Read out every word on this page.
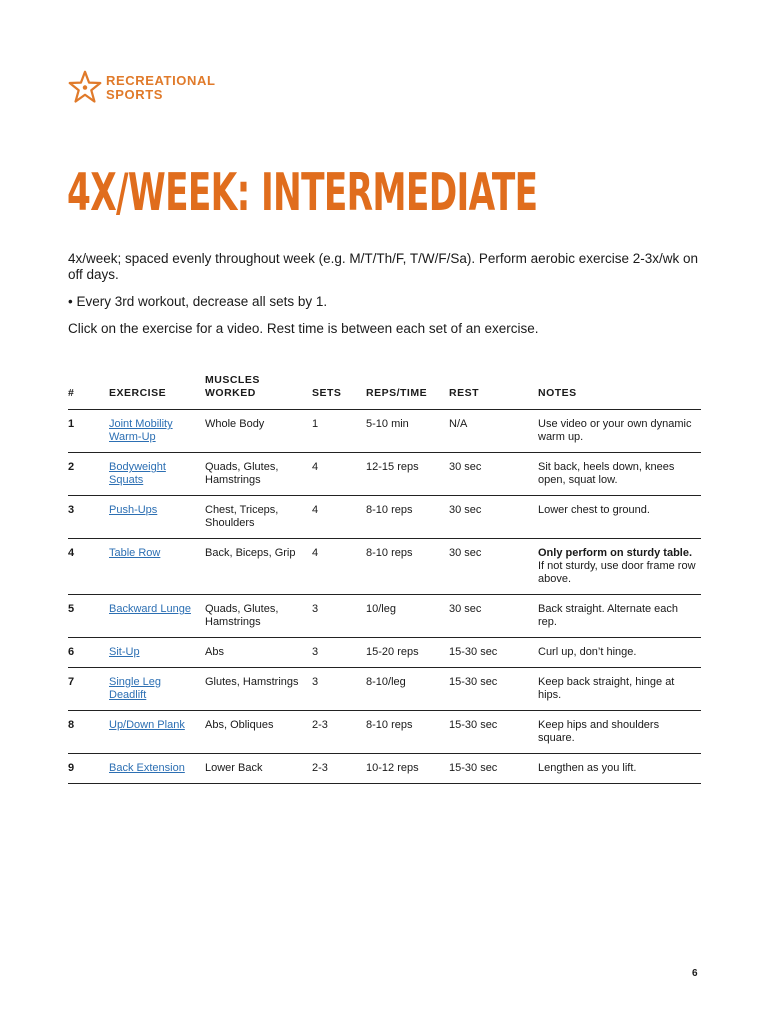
RECREATIONAL
SPORTS
4X/WEEK: INTERMEDIATE

4x/week; spaced evenly throughout week (e.g. M/T/Th/F, T/W/F/Sa). Perform aerobic exercise 2-3x/wk on off days.

• Every 3rd workout, decrease all sets by 1.

Click on the exercise for a video. Rest time is between each set of an exercise.

#	EXERCISE	MUSCLES WORKED	SETS	REPS/TIME	REST	NOTES
1	Joint Mobility Warm-Up	Whole Body	1	5-10 min	N/A	Use video or your own dynamic warm up.
2	Bodyweight Squats	Quads, Glutes, Hamstrings	4	12-15 reps	30 sec	Sit back, heels down, knees open, squat low.
3	Push-Ups	Chest, Triceps, Shoulders	4	8-10 reps	30 sec	Lower chest to ground.
4	Table Row	Back, Biceps, Grip	4	8-10 reps	30 sec	Only perform on sturdy table.
If not sturdy, use door frame row above.
5	Backward Lunge	Quads, Glutes, Hamstrings	3	10/leg	30 sec	Back straight. Alternate each rep.
6	Sit-Up	Abs	3	15-20 reps	15-30 sec	Curl up, don’t hinge.
7	Single Leg Deadlift	Glutes, Hamstrings	3	8-10/leg	15-30 sec	Keep back straight, hinge at hips.
8	Up/Down Plank	Abs, Obliques	2-3	8-10 reps	15-30 sec	Keep hips and shoulders square.
9	Back Extension	Lower Back	2-3	10-12 reps	15-30 sec	Lengthen as you lift.
6
